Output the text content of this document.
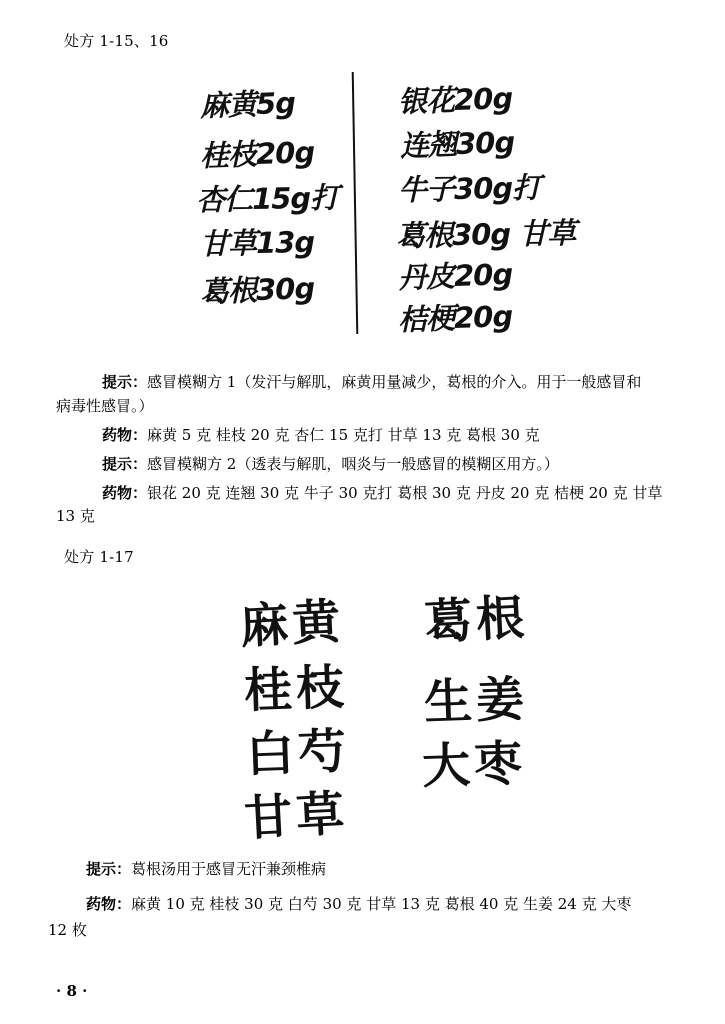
处方 1-15、16
麻黄5g
桂枝20g
杏仁15g打
甘草13g
葛根30g
银花20g
连翘30g
牛子30g打
葛根30g 甘草
丹皮20g
桔梗20g
提示：感冒模糊方 1（发汗与解肌，麻黄用量减少，葛根的介入。用于一般感冒和
病毒性感冒。）
药物：麻黄 5 克 桂枝 20 克 杏仁 15 克打 甘草 13 克 葛根 30 克
提示：感冒模糊方 2（透表与解肌，咽炎与一般感冒的模糊区用方。）
药物：银花 20 克 连翘 30 克 牛子 30 克打 葛根 30 克 丹皮 20 克 桔梗 20 克 甘草
13 克
处方 1-17
麻黄
桂枝
白芍
甘草
葛根
生姜
大枣
提示：葛根汤用于感冒无汗兼颈椎病
药物：麻黄 10 克 桂枝 30 克 白芍 30 克 甘草 13 克 葛根 40 克 生姜 24 克 大枣
12 枚
· 8 ·
